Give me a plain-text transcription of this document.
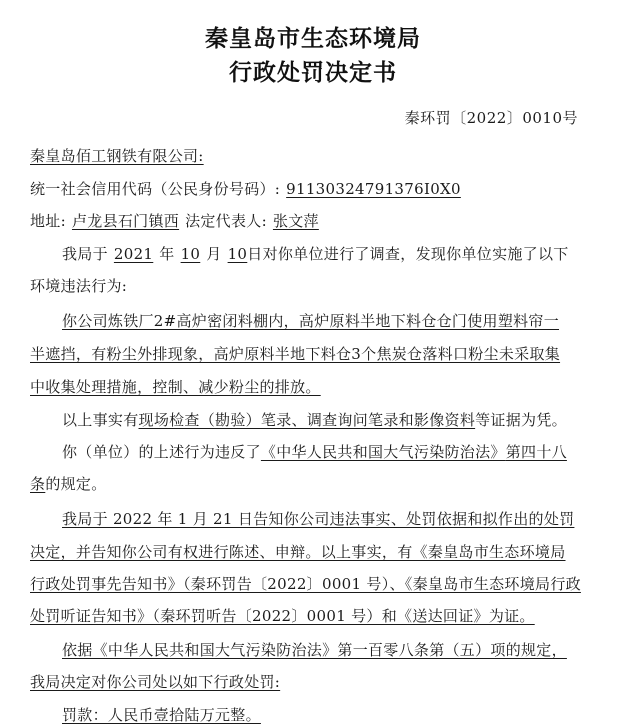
秦皇岛市生态环境局
行政处罚决定书
秦环罚〔2022〕0010号
秦皇岛佰工钢铁有限公司:
统一社会信用代码（公民身份号码）: 91130324791376I0X0
地址: 卢龙县石门镇西 法定代表人: 张文萍
我局于 2021 年 10 月 10日对你单位进行了调查，发现你单位实施了以下
环境违法行为:
你公司炼铁厂2#高炉密闭料棚内，高炉原料半地下料仓仓门使用塑料帘一
半遮挡，有粉尘外排现象，高炉原料半地下料仓3个焦炭仓落料口粉尘未采取集
中收集处理措施，控制、减少粉尘的排放。
以上事实有现场检查（勘验）笔录、调查询问笔录和影像资料等证据为凭。
你（单位）的上述行为违反了《中华人民共和国大气污染防治法》第四十八
条的规定。
我局于 2022 年 1 月 21 日告知你公司违法事实、处罚依据和拟作出的处罚
决定，并告知你公司有权进行陈述、申辩。以上事实，有《秦皇岛市生态环境局
行政处罚事先告知书》（秦环罚告〔2022〕0001 号）、《秦皇岛市生态环境局行政
处罚听证告知书》（秦环罚听告〔2022〕0001 号）和《送达回证》为证。
依据《中华人民共和国大气污染防治法》第一百零八条第（五）项的规定，
我局决定对你公司处以如下行政处罚:
罚款：人民币壹拾陆万元整。
